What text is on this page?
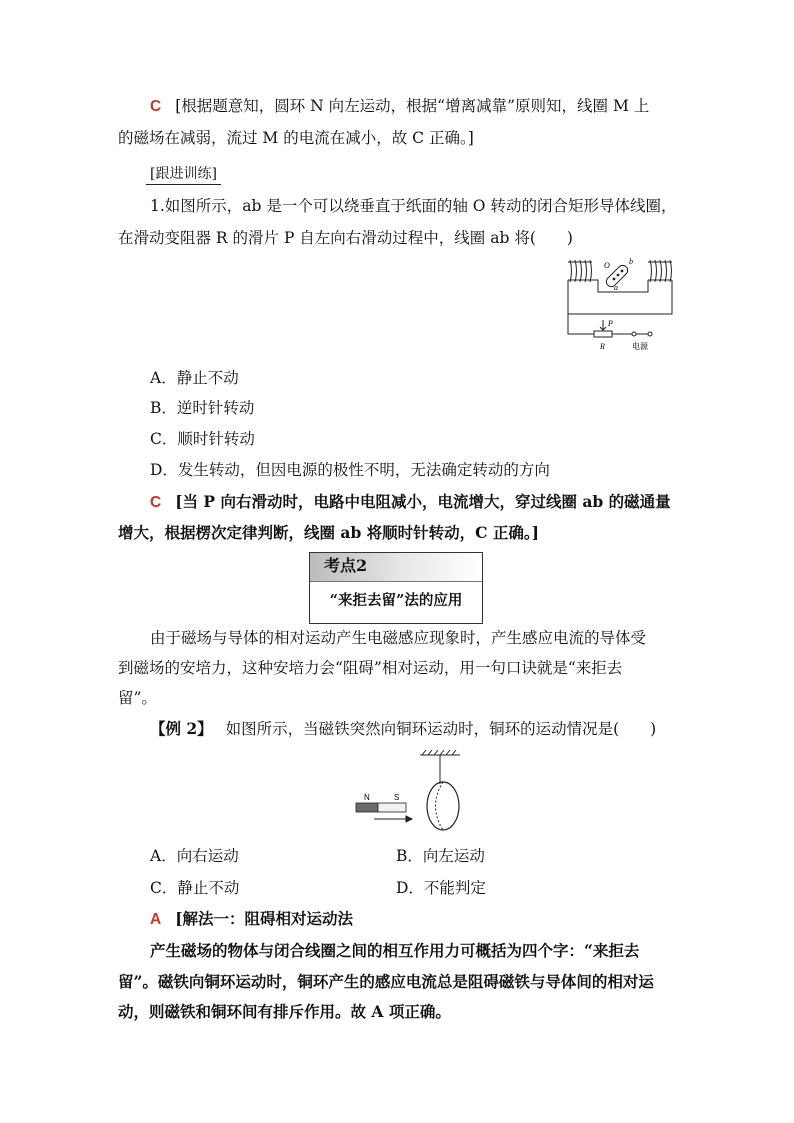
C [根据题意知，圆环 N 向左运动，根据“增离减靠”原则知，线圈 M 上
的磁场在减弱，流过 M 的电流在减小，故 C 正确。]
[跟进训练]
1.如图所示，ab 是一个可以绕垂直于纸面的轴 O 转动的闭合矩形导体线圈，
在滑动变阻器 R 的滑片 P 自左向右滑动过程中，线圈 ab 将(　　)
O b
a
P
R	电源
A．静止不动
B．逆时针转动
C．顺时针转动
D．发生转动，但因电源的极性不明，无法确定转动的方向
C [当 P 向右滑动时，电路中电阻减小，电流增大，穿过线圈 ab 的磁通量
增大，根据楞次定律判断，线圈 ab 将顺时针转动，C 正确。]
考点2
“来拒去留”法的应用
由于磁场与导体的相对运动产生电磁感应现象时，产生感应电流的导体受
到磁场的安培力，这种安培力会“阻碍”相对运动，用一句口诀就是“来拒去
留”。
【例 2】 如图所示，当磁铁突然向铜环运动时，铜环的运动情况是(　　)
N	S
A．向右运动	B．向左运动
C．静止不动	D．不能判定
A [解法一：阻碍相对运动法
产生磁场的物体与闭合线圈之间的相互作用力可概括为四个字：“来拒去
留”。磁铁向铜环运动时，铜环产生的感应电流总是阻碍磁铁与导体间的相对运
动，则磁铁和铜环间有排斥作用。故 A 项正确。
